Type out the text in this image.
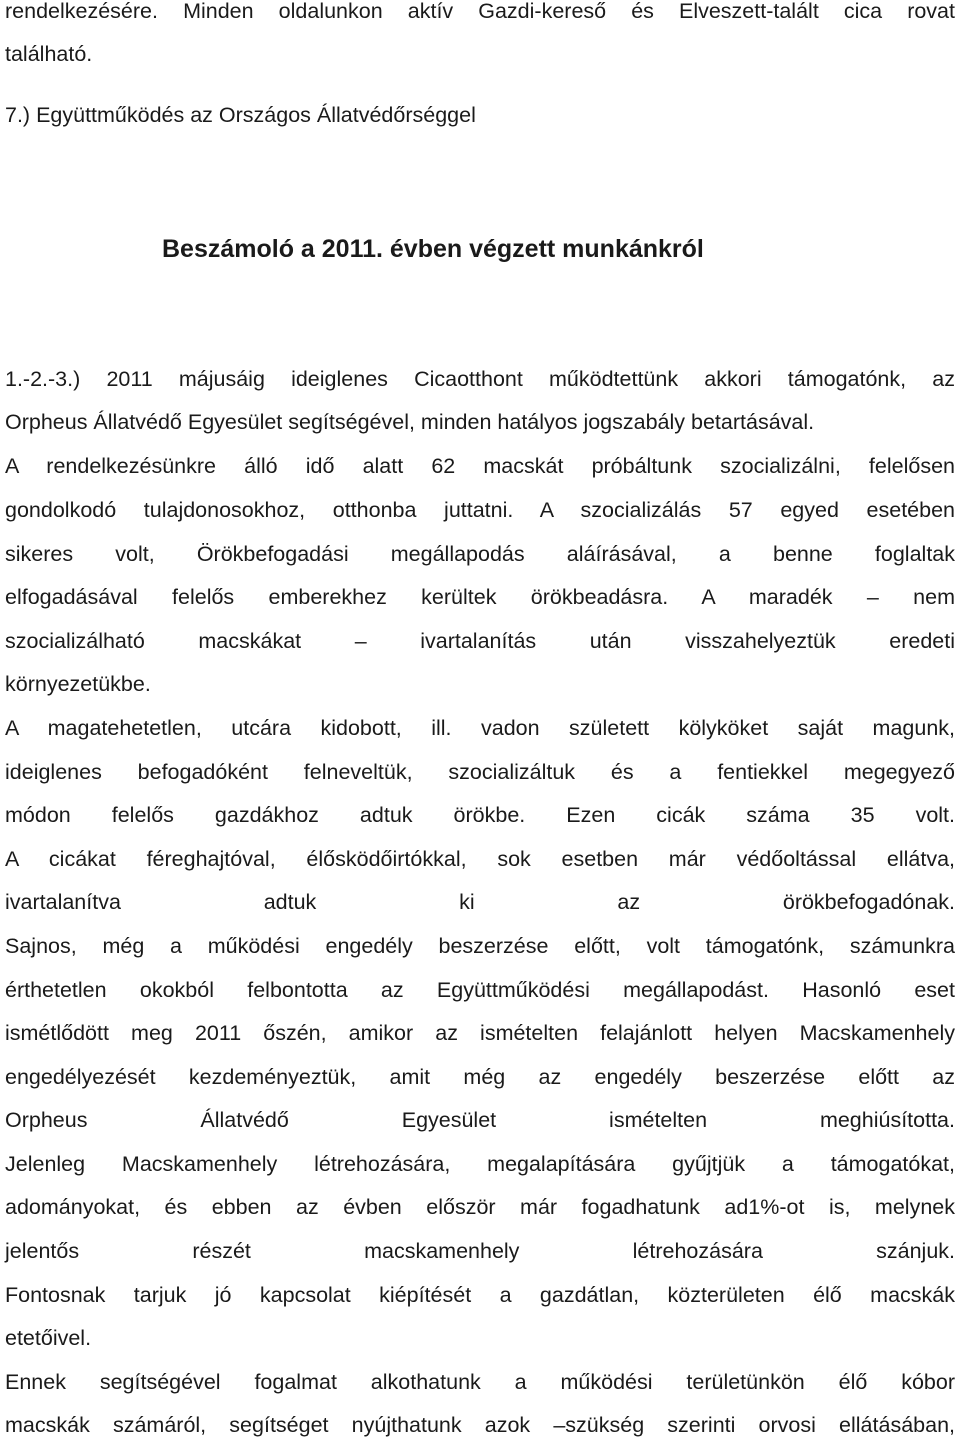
rendelkezésére. Minden oldalunkon aktív Gazdi-kereső és Elveszett-talált cica rovat
található.
7.) Együttműködés az Országos Állatvédőrséggel
Beszámoló a 2011. évben végzett munkánkról
1.-2.-3.) 2011 májusáig ideiglenes Cicaotthont működtettünk akkori támogatónk, az
Orpheus Állatvédő Egyesület segítségével, minden hatályos jogszabály betartásával.
A rendelkezésünkre álló idő alatt 62 macskát próbáltunk szocializálni, felelősen
gondolkodó tulajdonosokhoz, otthonba juttatni. A szocializálás 57 egyed esetében
sikeres volt, Örökbefogadási megállapodás aláírásával, a benne foglaltak
elfogadásával felelős emberekhez kerültek örökbeadásra. A maradék – nem
szocializálható macskákat – ivartalanítás után visszahelyeztük eredeti
környezetükbe.
A magatehetetlen, utcára kidobott, ill. vadon született kölyköket saját magunk,
ideiglenes befogadóként felneveltük, szocializáltuk és a fentiekkel megegyező
módon felelős gazdákhoz adtuk örökbe. Ezen cicák száma 35 volt.
A cicákat féreghajtóval, élősködőirtókkal, sok esetben már védőoltással ellátva,
ivartalanítva adtuk ki az örökbefogadónak.
Sajnos, még a működési engedély beszerzése előtt, volt támogatónk, számunkra
érthetetlen okokból felbontotta az Együttműködési megállapodást. Hasonló eset
ismétlődött meg 2011 őszén, amikor az ismételten felajánlott helyen Macskamenhely
engedélyezését kezdeményeztük, amit még az engedély beszerzése előtt az
Orpheus Állatvédő Egyesület ismételten meghiúsította.
Jelenleg Macskamenhely létrehozására, megalapítására gyűjtjük a támogatókat,
adományokat, és ebben az évben először már fogadhatunk ad1%-ot is, melynek
jelentős részét macskamenhely létrehozására szánjuk.
Fontosnak tarjuk jó kapcsolat kiépítését a gazdátlan, közterületen élő macskák
etetőivel.
Ennek segítségével fogalmat alkothatunk a működési területünkön élő kóbor
macskák számáról, segítséget nyújthatunk azok –szükség szerinti orvosi ellátásában,
